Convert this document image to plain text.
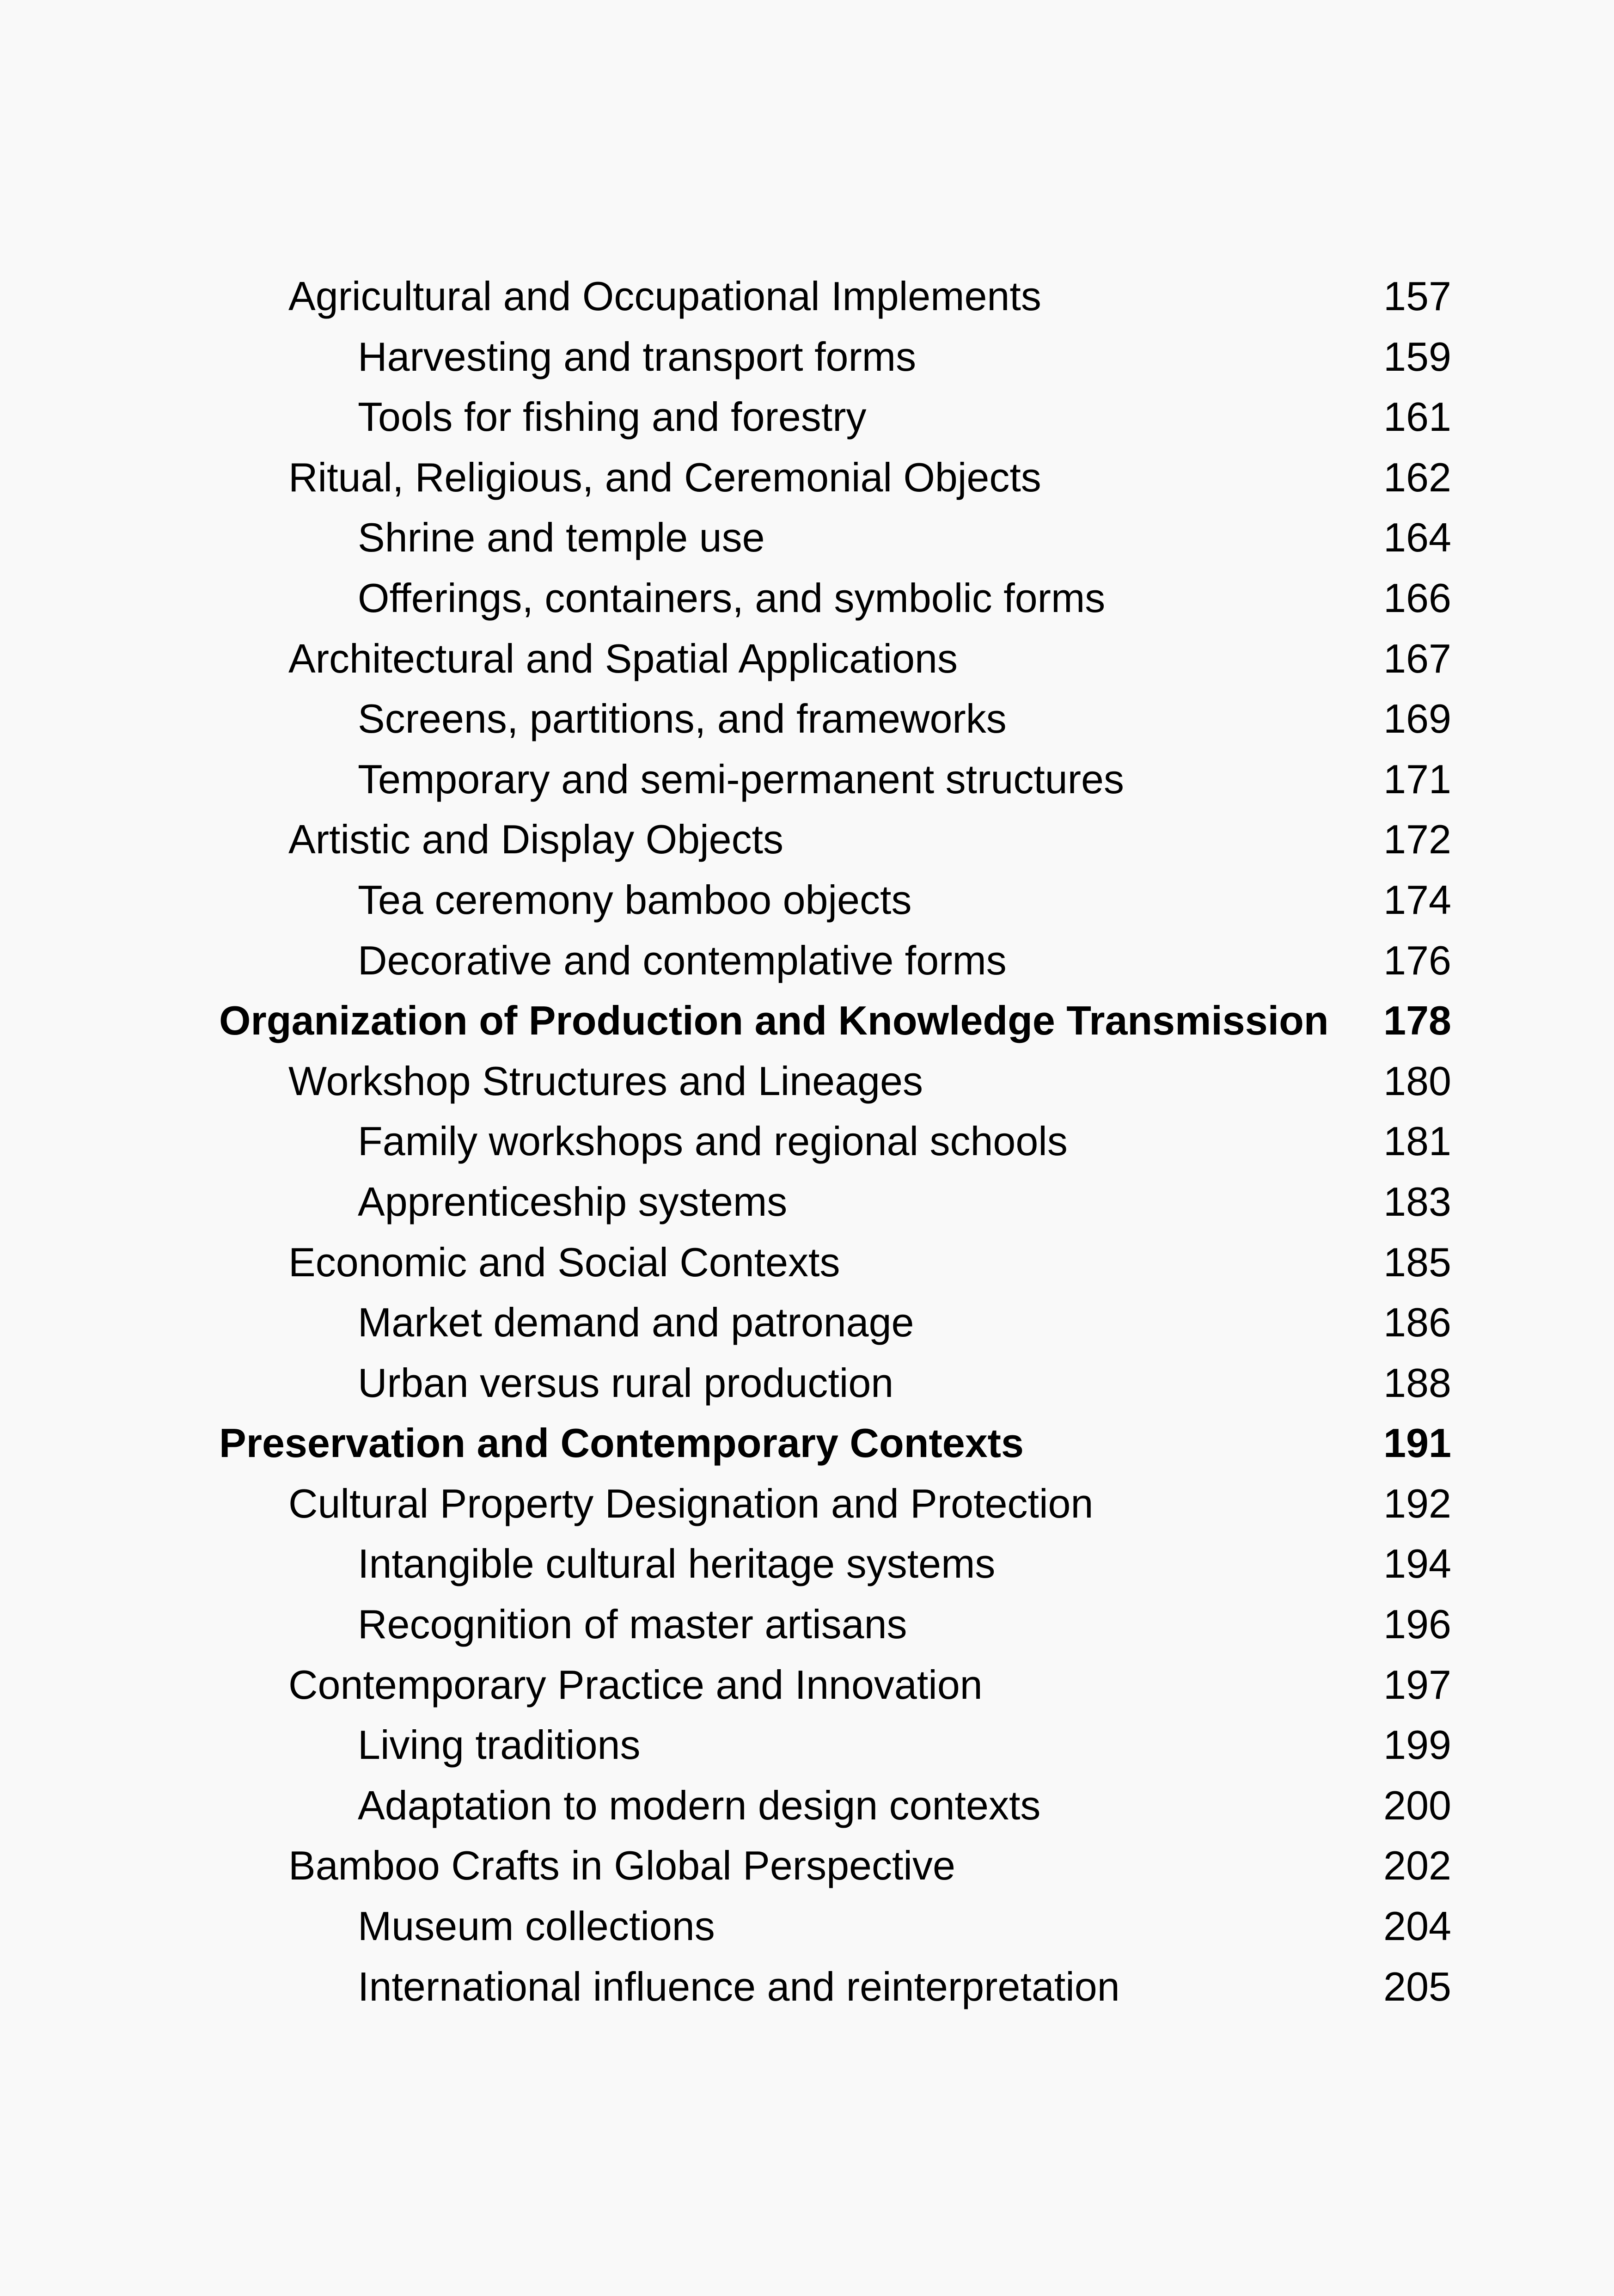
Agricultural and Occupational Implements	157
Harvesting and transport forms	159
Tools for fishing and forestry	161
Ritual, Religious, and Ceremonial Objects	162
Shrine and temple use	164
Offerings, containers, and symbolic forms	166
Architectural and Spatial Applications	167
Screens, partitions, and frameworks	169
Temporary and semi-permanent structures	171
Artistic and Display Objects	172
Tea ceremony bamboo objects	174
Decorative and contemplative forms	176
Organization of Production and Knowledge Transmission 178
Workshop Structures and Lineages	180
Family workshops and regional schools	181
Apprenticeship systems	183
Economic and Social Contexts	185
Market demand and patronage	186
Urban versus rural production	188
Preservation and Contemporary Contexts	191
Cultural Property Designation and Protection	192
Intangible cultural heritage systems	194
Recognition of master artisans	196
Contemporary Practice and Innovation	197
Living traditions	199
Adaptation to modern design contexts	200
Bamboo Crafts in Global Perspective	202
Museum collections	204
International influence and reinterpretation	205
